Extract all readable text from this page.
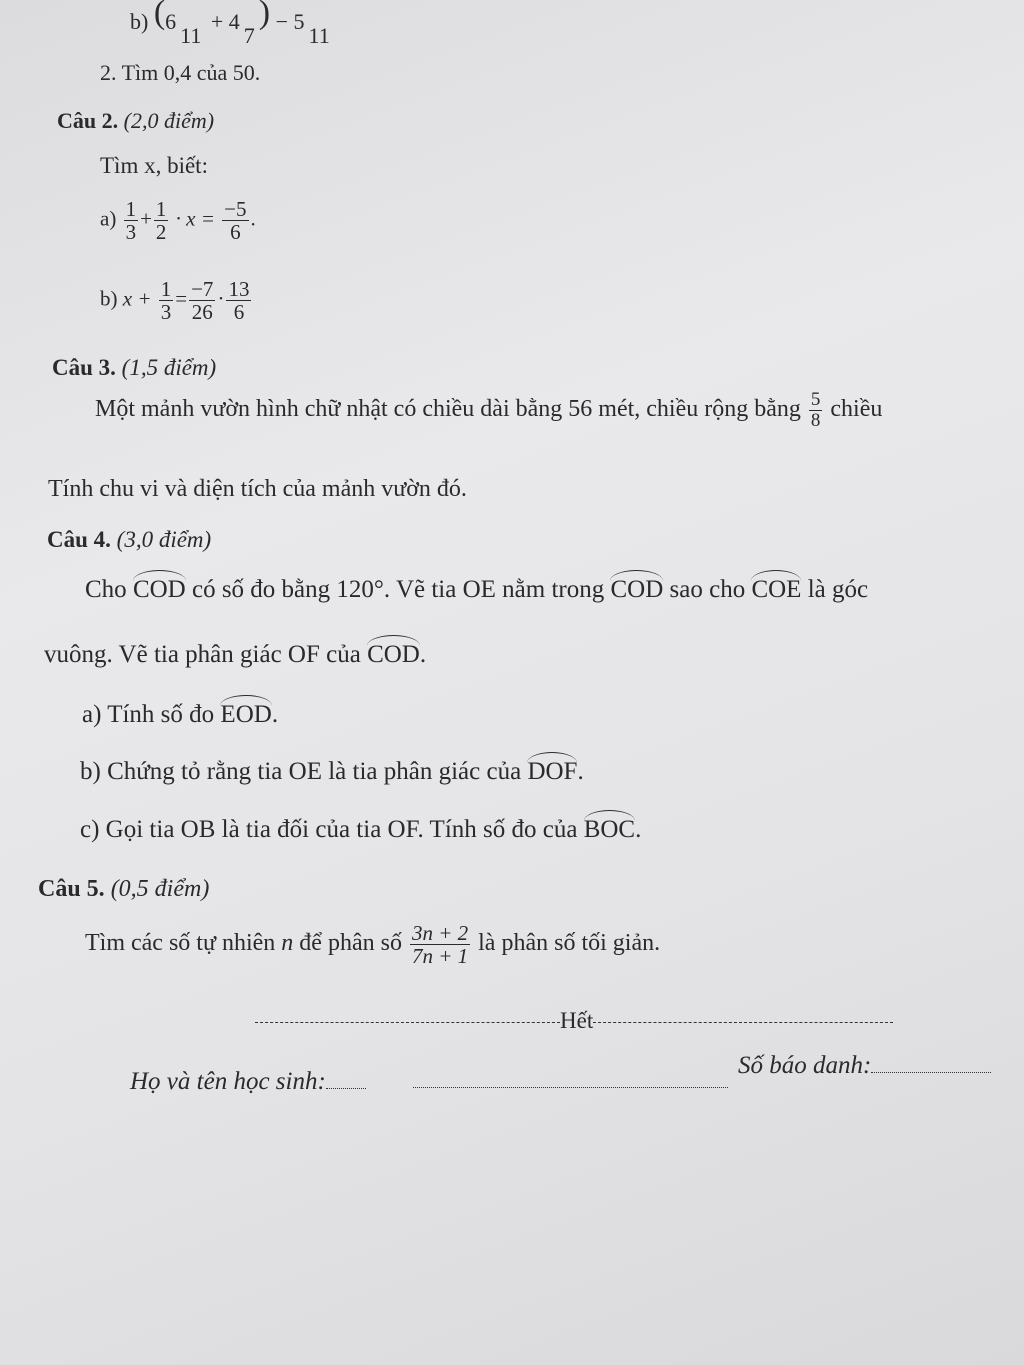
b) (6

11
+ 4

7
) − 5

11
2. Tìm 0,4 của 50.
Câu 2. (2,0 điểm)
Tìm x, biết:
$a) \frac{1}{3} + \frac{1}{2} \cdot x = \frac{-5}{6}$ .
b) $x + \frac{1}{3} = \frac{-7}{26} \cdot \frac{13}{6}$
Câu 3. (1,5 điểm)
Một mảnh vườn hình chữ nhật có chiều dài bằng 56 mét, chiều rộng bằng $\frac{5}{8}$ chiều
Tính chu vi và diện tích của mảnh vườn đó.
Câu 4. (3,0 điểm)
Cho COD có số đo bằng 120°. Vẽ tia OE nằm trong COD sao cho COE là góc
vuông. Vẽ tia phân giác OF của COD.
a) Tính số đo EOD.
b) Chứng tỏ rằng tia OE là tia phân giác của DOF.
c) Gọi tia OB là tia đối của tia OF. Tính số đo của BOC.
Câu 5. (0,5 điểm)
Tìm các số tự nhiên n để phân số $\frac{3n + 2}{7n + 1}$ là phân số tối giản.
Hết
Họ và tên học sinh:
Số báo danh:
